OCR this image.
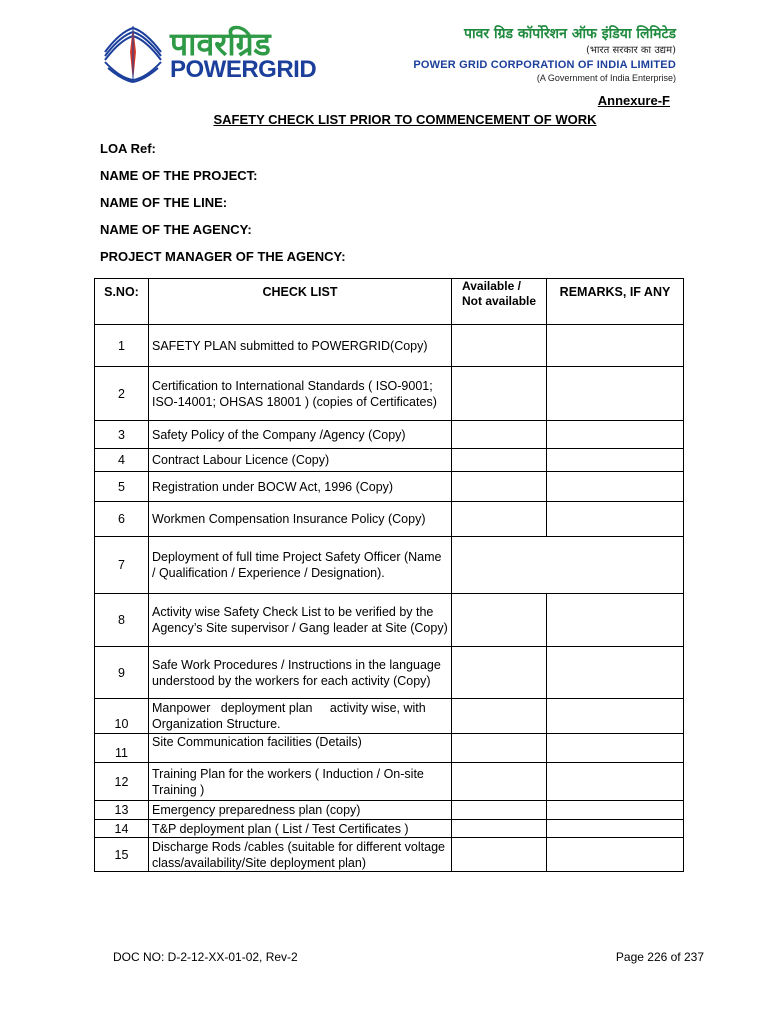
पावरग्रिड
POWERGRID
पावर ग्रिड कॉर्पोरेशन ऑफ इंडिया लिमिटेड
(भारत सरकार का उद्यम)
POWER GRID CORPORATION OF INDIA LIMITED
(A Government of India Enterprise)
Annexure-F
SAFETY CHECK LIST PRIOR TO COMMENCEMENT OF WORK
LOA Ref:
NAME OF THE PROJECT:
NAME OF THE LINE:
NAME OF THE AGENCY:
PROJECT MANAGER OF THE AGENCY:
S.NO:	CHECK LIST	Available / Not available	REMARKS, IF ANY
1	SAFETY PLAN submitted to POWERGRID(Copy)		
2	Certification to International Standards ( ISO-9001; ISO-14001; OHSAS 18001 ) (copies of Certificates)		
3	Safety Policy of the Company /Agency (Copy)		
4	Contract Labour Licence (Copy)		
5	Registration under BOCW Act, 1996 (Copy)		
6	Workmen Compensation Insurance Policy (Copy)		
7	Deployment of full time Project Safety Officer (Name / Qualification / Experience / Designation).		
8	Activity wise Safety Check List to be verified by the Agency’s Site supervisor / Gang leader at Site (Copy)		
9	Safe Work Procedures / Instructions in the language understood by the workers for each activity (Copy)		
10	Manpower   deployment plan     activity wise, with Organization Structure.		
11	Site Communication facilities (Details)		
12	Training Plan for the workers ( Induction / On-site Training )		
13	Emergency preparedness plan (copy)		
14	T&P deployment plan ( List / Test Certificates )		
15	Discharge Rods /cables (suitable for different voltage class/availability/Site deployment plan)		
DOC NO: D-2-12-XX-01-02, Rev-2	Page 226 of 237
